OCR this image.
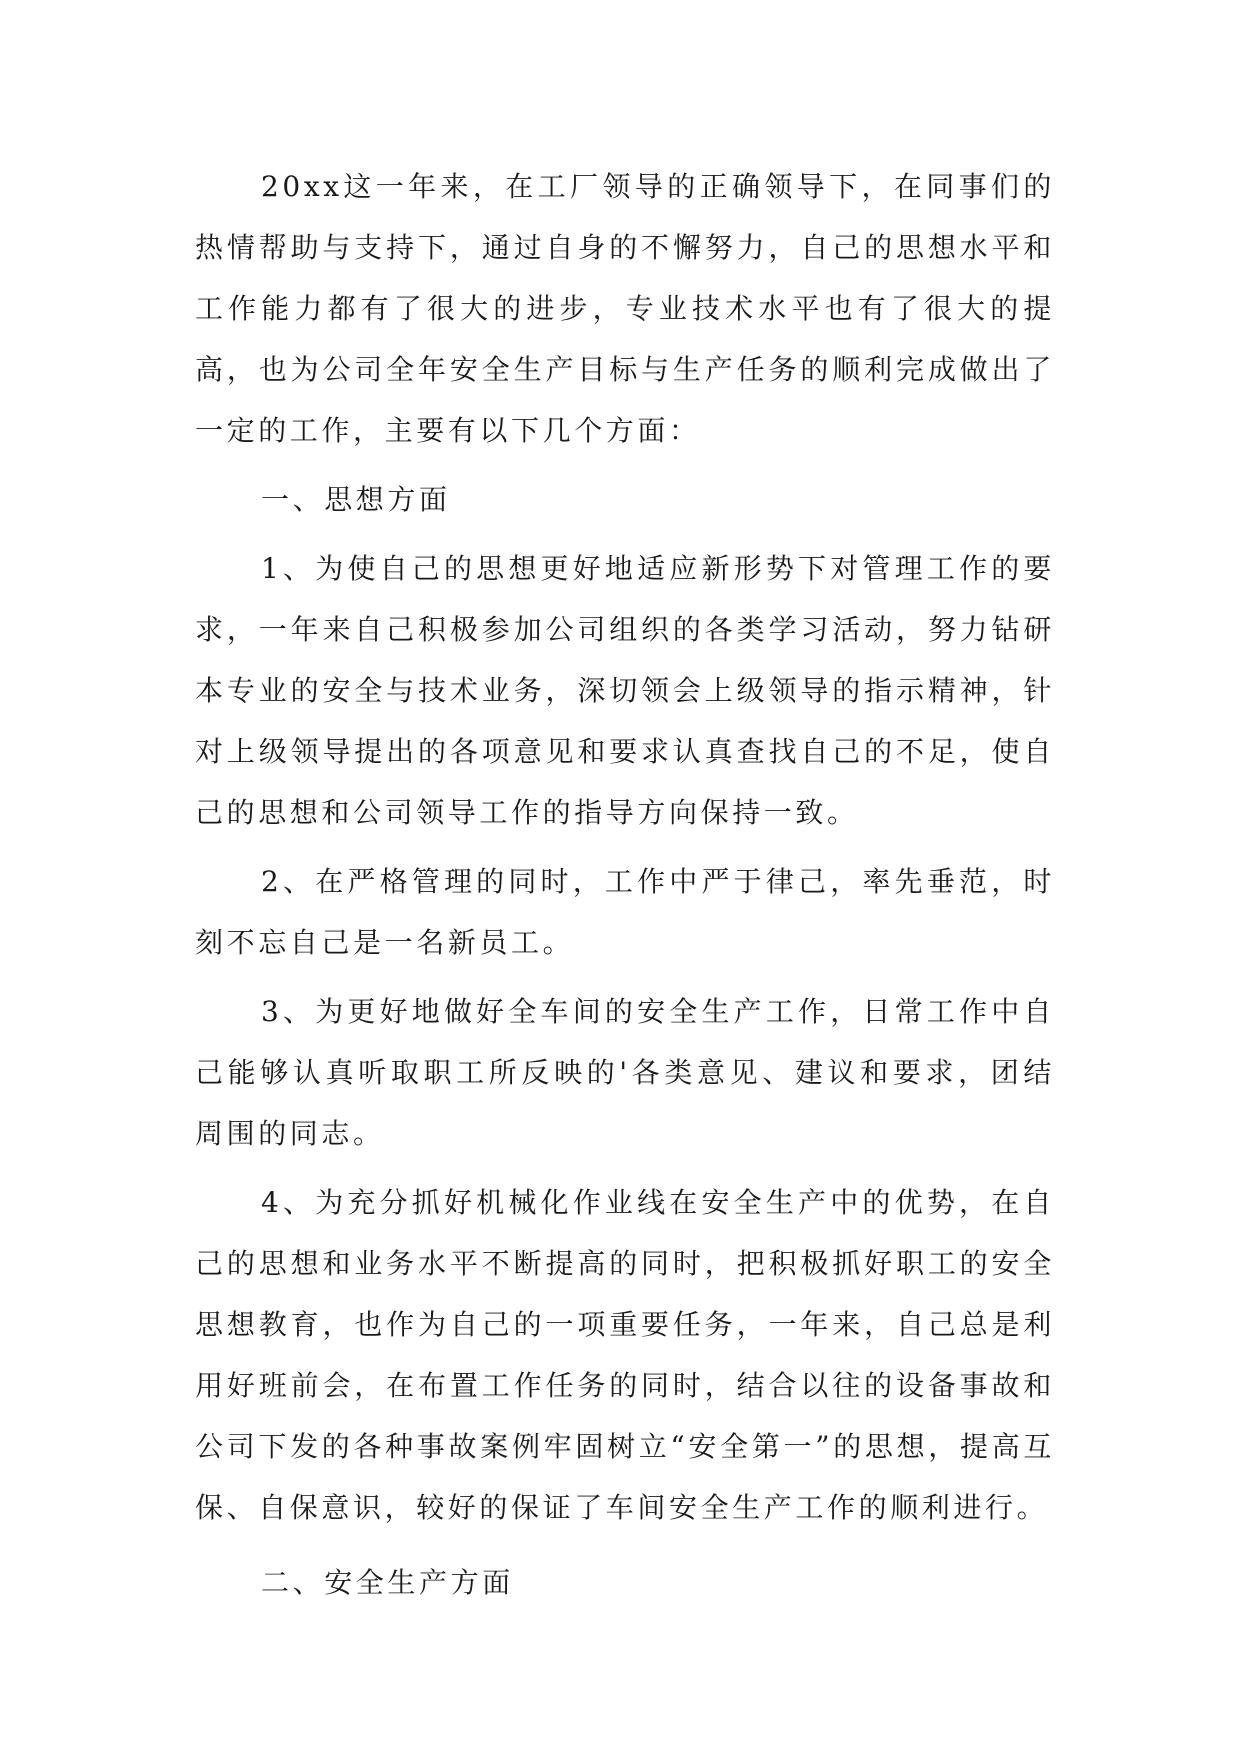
20xx这一年来，在工厂领导的正确领导下，在同事们的热情帮助与支持下，通过自身的不懈努力，自己的思想水平和工作能力都有了很大的进步，专业技术水平也有了很大的提高，也为公司全年安全生产目标与生产任务的顺利完成做出了一定的工作，主要有以下几个方面：

一、思想方面

1、为使自己的思想更好地适应新形势下对管理工作的要求，一年来自己积极参加公司组织的各类学习活动，努力钻研本专业的安全与技术业务，深切领会上级领导的指示精神，针对上级领导提出的各项意见和要求认真查找自己的不足，使自己的思想和公司领导工作的指导方向保持一致。

2、在严格管理的同时，工作中严于律己，率先垂范，时刻不忘自己是一名新员工。

3、为更好地做好全车间的安全生产工作，日常工作中自己能够认真听取职工所反映的'各类意见、建议和要求，团结周围的同志。

4、为充分抓好机械化作业线在安全生产中的优势，在自己的思想和业务水平不断提高的同时，把积极抓好职工的安全思想教育，也作为自己的一项重要任务，一年来，自己总是利用好班前会，在布置工作任务的同时，结合以往的设备事故和公司下发的各种事故案例牢固树立“安全第一”的思想，提高互保、自保意识，较好的保证了车间安全生产工作的顺利进行。

二、安全生产方面
